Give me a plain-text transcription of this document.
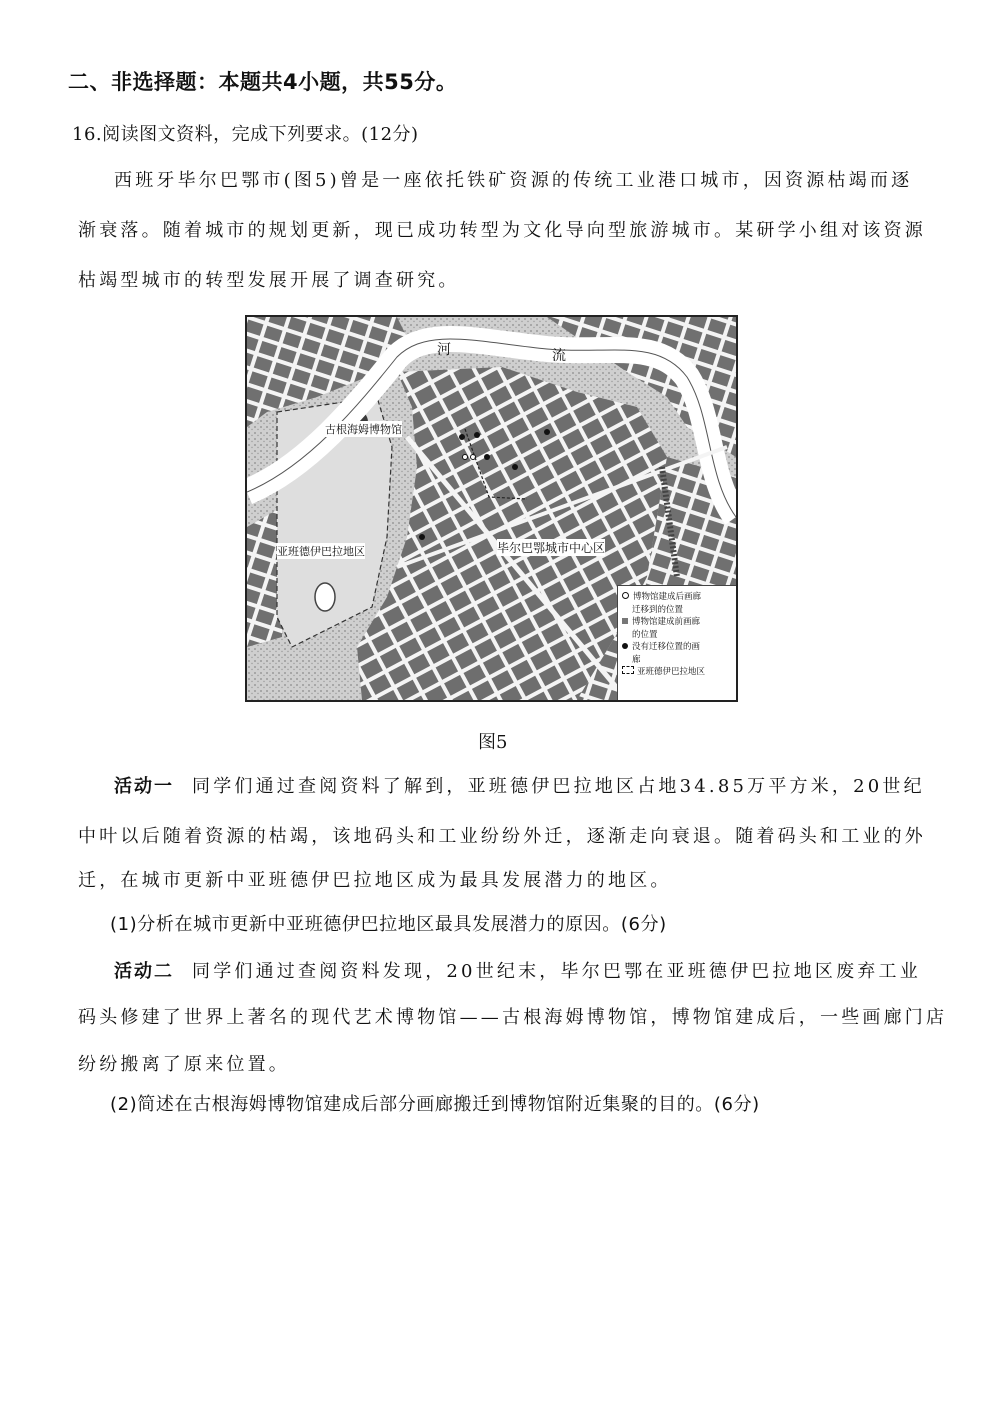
二、非选择题：本题共4小题，共55分。
16.阅读图文资料，完成下列要求。(12分)
西班牙毕尔巴鄂市(图5)曾是一座依托铁矿资源的传统工业港口城市，因资源枯竭而逐
渐衰落。随着城市的规划更新，现已成功转型为文化导向型旅游城市。某研学小组对该资源
枯竭型城市的转型发展开展了调查研究。
河	流
古根海姆博物馆
亚班德伊巴拉地区	毕尔巴鄂城市中心区
博物馆建成后画廊
迁移到的位置
博物馆建成前画廊
的位置
没有迁移位置的画
廊
亚班德伊巴拉地区
图5
活动一 同学们通过查阅资料了解到，亚班德伊巴拉地区占地34.85万平方米，20世纪
中叶以后随着资源的枯竭，该地码头和工业纷纷外迁，逐渐走向衰退。随着码头和工业的外
迁，在城市更新中亚班德伊巴拉地区成为最具发展潜力的地区。
(1)分析在城市更新中亚班德伊巴拉地区最具发展潜力的原因。(6分)
活动二 同学们通过查阅资料发现，20世纪末，毕尔巴鄂在亚班德伊巴拉地区废弃工业
码头修建了世界上著名的现代艺术博物馆——古根海姆博物馆，博物馆建成后，一些画廊门店
纷纷搬离了原来位置。
(2)简述在古根海姆博物馆建成后部分画廊搬迁到博物馆附近集聚的目的。(6分)
